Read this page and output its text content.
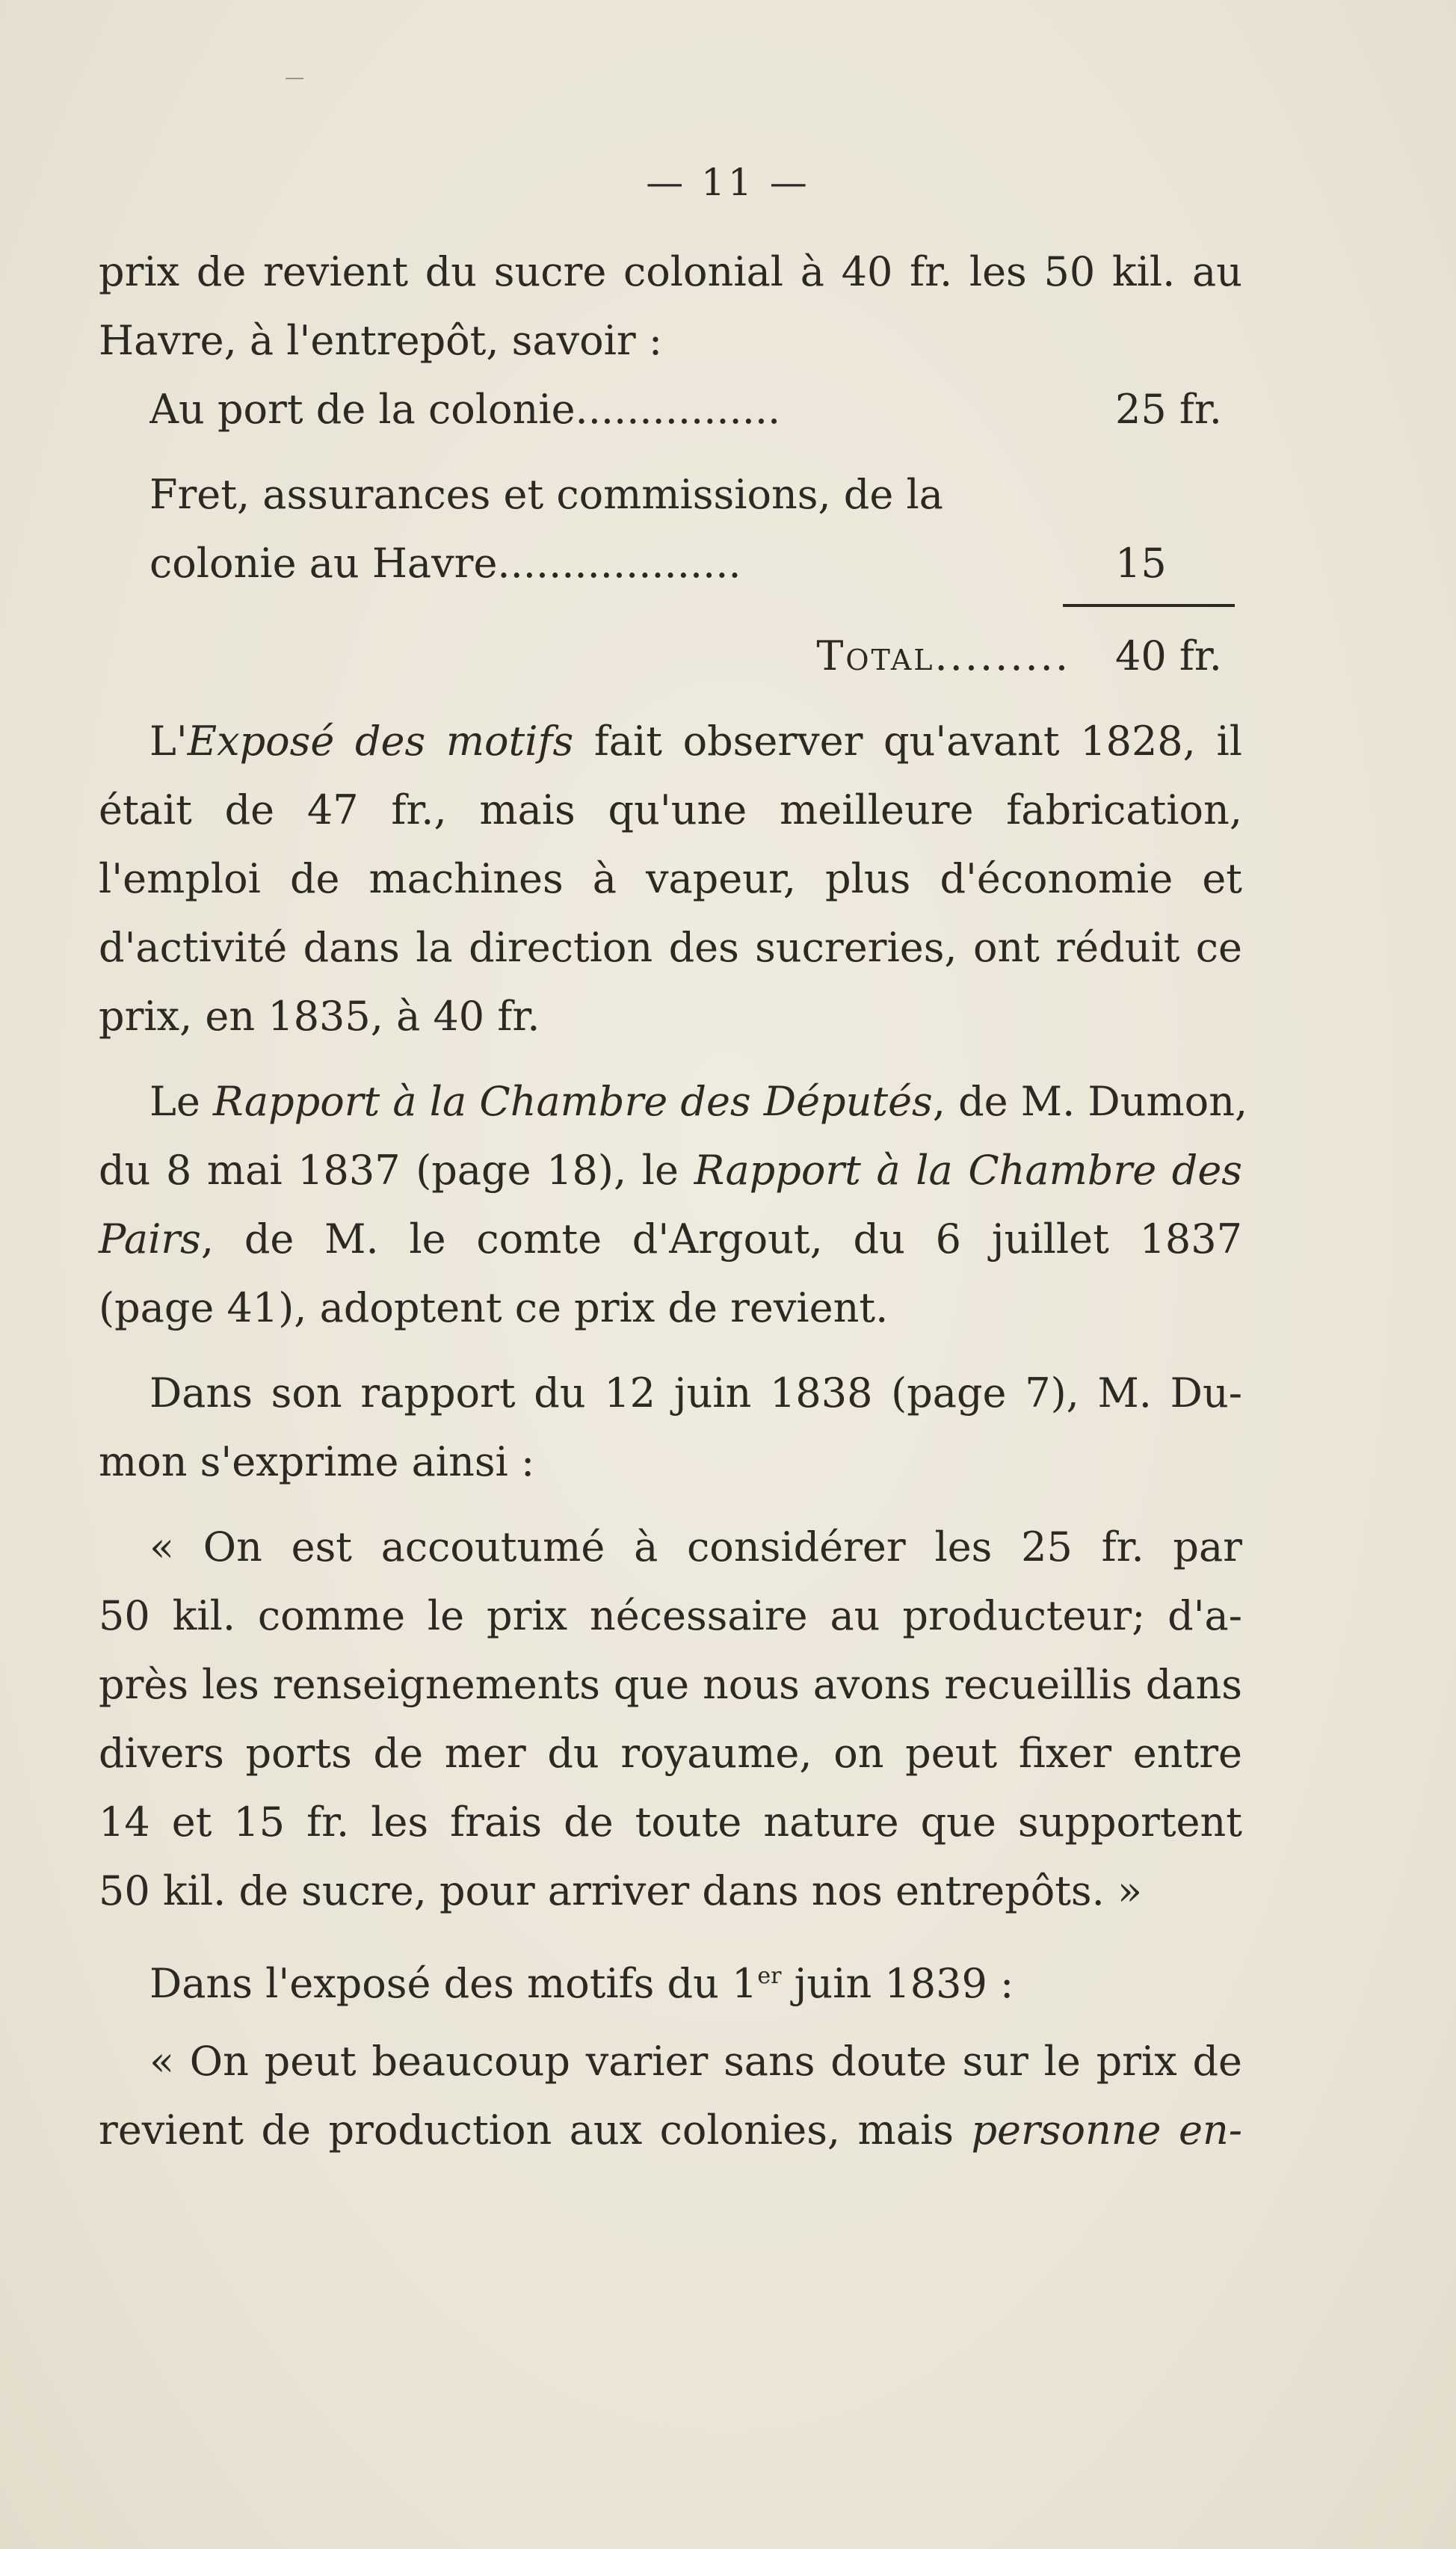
— 11 —
prix de revient du sucre colonial à 40 fr. les 50 kil. au
Havre, à l'entrepôt, savoir :
Au port de la colonie................	25 fr.
Fret, assurances et commissions, de la
colonie au Havre...................	15
Total......... 40 fr.
L'Exposé des motifs fait observer qu'avant 1828, il
était de 47 fr., mais qu'une meilleure fabrication,
l'emploi de machines à vapeur, plus d'économie et
d'activité dans la direction des sucreries, ont réduit ce
prix, en 1835, à 40 fr.
Le Rapport à la Chambre des Députés, de M. Dumon,
du 8 mai 1837 (page 18), le Rapport à la Chambre des
Pairs, de M. le comte d'Argout, du 6 juillet 1837
(page 41), adoptent ce prix de revient.
Dans son rapport du 12 juin 1838 (page 7), M. Du-
mon s'exprime ainsi :
« On est accoutumé à considérer les 25 fr. par
50 kil. comme le prix nécessaire au producteur; d'a-
près les renseignements que nous avons recueillis dans
divers ports de mer du royaume, on peut fixer entre
14 et 15 fr. les frais de toute nature que supportent
50 kil. de sucre, pour arriver dans nos entrepôts. »
Dans l'exposé des motifs du 1er juin 1839 :
« On peut beaucoup varier sans doute sur le prix de
revient de production aux colonies, mais personne en-
